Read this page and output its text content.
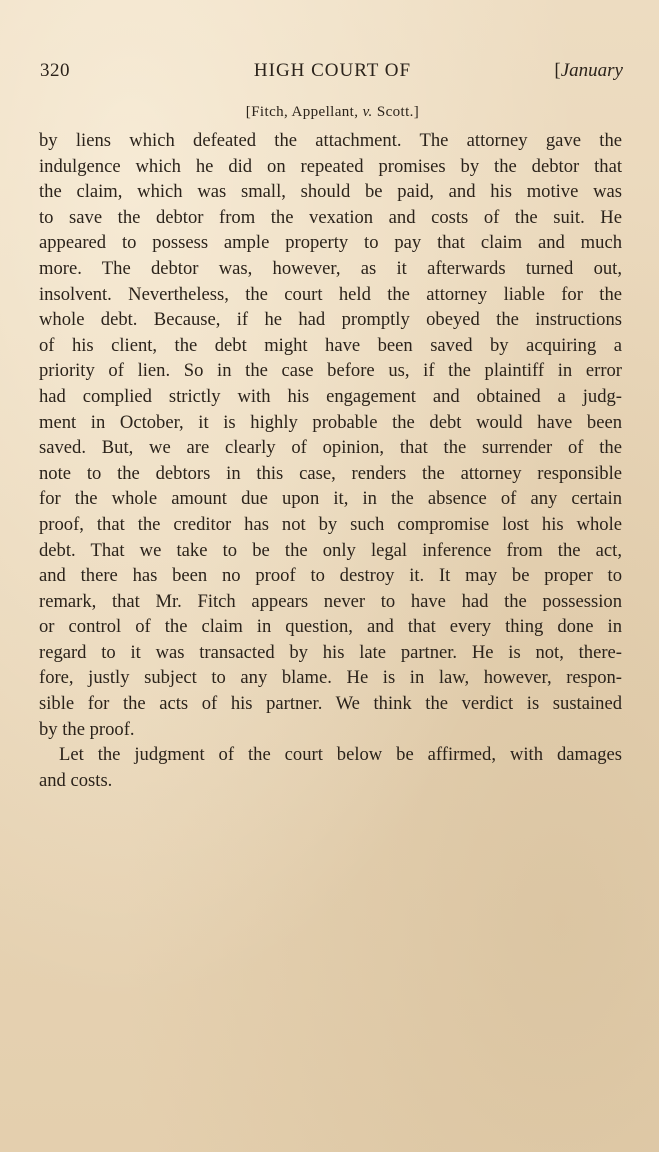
320	HIGH COURT OF	[January
[Fitch, Appellant, v. Scott.]
by liens which defeated the attachment. The attorney gave the
indulgence which he did on repeated promises by the debtor that
the claim, which was small, should be paid, and his motive was
to save the debtor from the vexation and costs of the suit. He
appeared to possess ample property to pay that claim and much
more. The debtor was, however, as it afterwards turned out,
insolvent. Nevertheless, the court held the attorney liable for the
whole debt. Because, if he had promptly obeyed the instructions
of his client, the debt might have been saved by acquiring a
priority of lien. So in the case before us, if the plaintiff in error
had complied strictly with his engagement and obtained a judg-
ment in October, it is highly probable the debt would have been
saved. But, we are clearly of opinion, that the surrender of the
note to the debtors in this case, renders the attorney responsible
for the whole amount due upon it, in the absence of any certain
proof, that the creditor has not by such compromise lost his whole
debt. That we take to be the only legal inference from the act,
and there has been no proof to destroy it. It may be proper to
remark, that Mr. Fitch appears never to have had the possession
or control of the claim in question, and that every thing done in
regard to it was transacted by his late partner. He is not, there-
fore, justly subject to any blame. He is in law, however, respon-
sible for the acts of his partner. We think the verdict is sustained
by the proof.
Let the judgment of the court below be affirmed, with damages
and costs.
